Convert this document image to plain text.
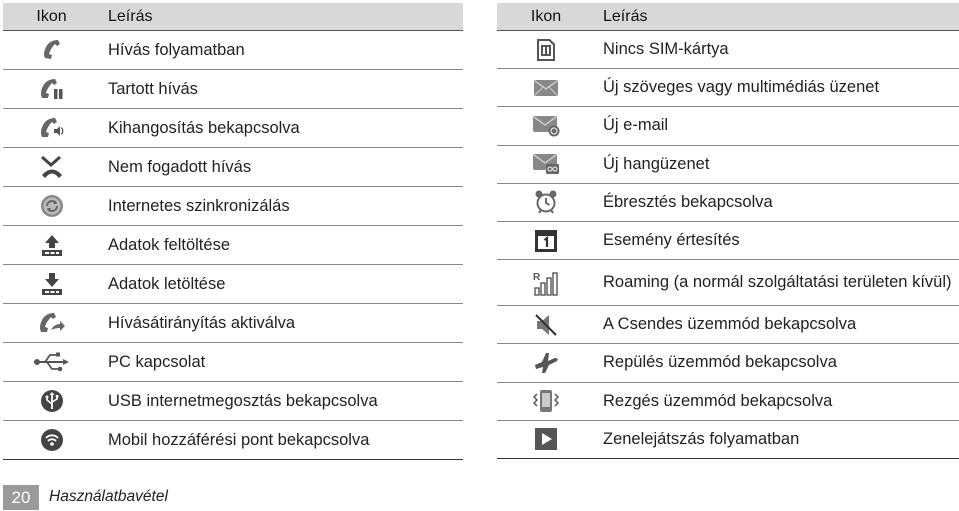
Ikon	Leírás
	Hívás folyamatban
	Tartott hívás
	Kihangosítás bekapcsolva
	Nem fogadott hívás
	Internetes szinkronizálás
	Adatok feltöltése
	Adatok letöltése
	Hívásátirányítás aktiválva
	PC kapcsolat
	USB internetmegosztás bekapcsolva
	Mobil hozzáférési pont bekapcsolva
Ikon	Leírás
	Nincs SIM-kártya
	Új szöveges vagy multimédiás üzenet
	Új e-mail
	Új hangüzenet
	Ébresztés bekapcsolva
	Esemény értesítés

R	Roaming (a normál szolgáltatási területen kívül)
	A Csendes üzemmód bekapcsolva
	Repülés üzemmód bekapcsolva
	Rezgés üzemmód bekapcsolva
	Zenelejátszás folyamatban
20	Használatbavétel
